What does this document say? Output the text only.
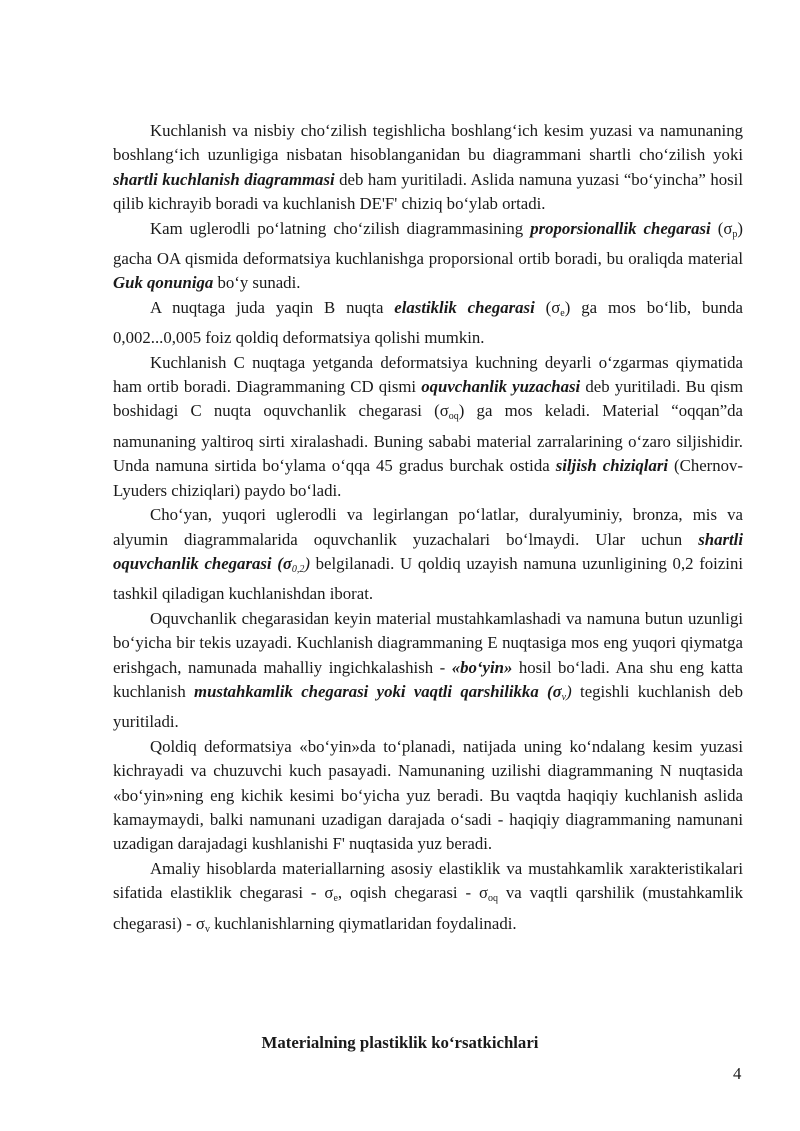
Kuchlanish va nisbiy cho‘zilish tegishlicha boshlang‘ich kesim yuzasi va namunaning boshlang‘ich uzunligiga nisbatan hisoblanganidan bu diagrammani shartli cho‘zilish yoki shartli kuchlanish diagrammasi deb ham yuritiladi. Aslida namuna yuzasi “bo‘yincha” hosil qilib kichrayib boradi va kuchlanish DE'F' chiziq bo‘ylab ortadi.

Kam uglerodli po‘latning cho‘zilish diagrammasining proporsionallik chegarasi $(\sigma_p)$ gacha OA qismida deformatsiya kuchlanishga proporsional ortib boradi, bu oraliqda material Guk qonuniga bo‘y sunadi.

A nuqtaga juda yaqin B nuqta elastiklik chegarasi $(\sigma_e)$ ga mos bo‘lib, bunda 0,002...0,005 foiz qoldiq deformatsiya qolishi mumkin.

Kuchlanish C nuqtaga yetganda deformatsiya kuchning deyarli o‘zgarmas qiymatida ham ortib boradi. Diagrammaning CD qismi oquvchanlik yuzachasi deb yuritiladi. Bu qism boshidagi C nuqta oquvchanlik chegarasi $(\sigma_{oq})$ ga mos keladi. Material “oqqan”da namunaning yaltiroq sirti xiralashadi. Buning sababi material zarralarining o‘zaro siljishidir. Unda namuna sirtida bo‘ylama o‘qqa 45 gradus burchak ostida siljish chiziqlari (Chernov-Lyuders chiziqlari) paydo bo‘ladi.

Cho‘yan, yuqori uglerodli va legirlangan po‘latlar, duralyuminiy, bronza, mis va alyumin diagrammalarida oquvchanlik yuzachalari bo‘lmaydi. Ular uchun shartli oquvchanlik chegarasi $(\sigma_{0,2})$ belgilanadi. U qoldiq uzayish namuna uzunligining 0,2 foizini tashkil qiladigan kuchlanishdan iborat.

Oquvchanlik chegarasidan keyin material mustahkamlashadi va namuna butun uzunligi bo‘yicha bir tekis uzayadi. Kuchlanish diagrammaning E nuqtasiga mos eng yuqori qiymatga erishgach, namunada mahalliy ingichkalashish - «bo‘yin» hosil bo‘ladi. Ana shu eng katta kuchlanish mustahkamlik chegarasi yoki vaqtli qarshilikka $(\sigma_v)$ tegishli kuchlanish deb yuritiladi.

Qoldiq deformatsiya «bo‘yin»da to‘planadi, natijada uning ko‘ndalang kesim yuzasi kichrayadi va chuzuvchi kuch pasayadi. Namunaning uzilishi diagrammaning N nuqtasida «bo‘yin»ning eng kichik kesimi bo‘yicha yuz beradi. Bu vaqtda haqiqiy kuchlanish aslida kamaymaydi, balki namunani uzadigan darajada o‘sadi - haqiqiy diagrammaning namunani uzadigan darajadagi kushlanishi F' nuqtasida yuz beradi.

Amaliy hisoblarda materiallarning asosiy elastiklik va mustahkamlik xarakteristikalari sifatida elastiklik chegarasi - $\sigma_e$, oqish chegarasi - $\sigma_{oq}$ va vaqtli qarshilik (mustahkamlik chegarasi) - $\sigma_v$ kuchlanishlarning qiymatlaridan foydalinadi.

Materialning plastiklik ko‘rsatkichlari
4
